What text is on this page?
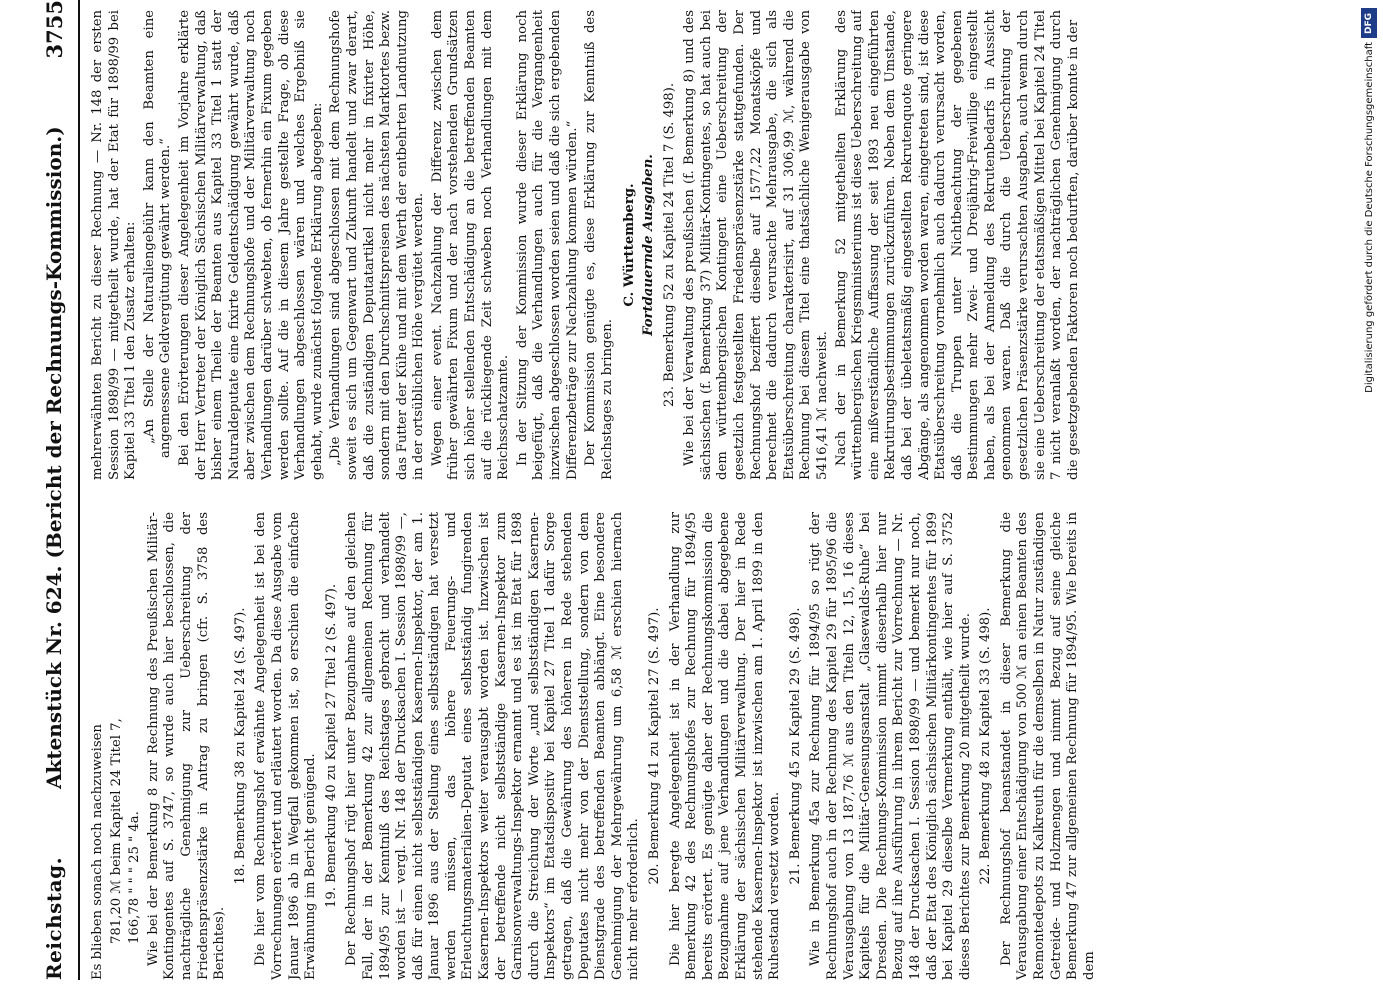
Reichstag.
Aktenstück Nr. 624. (Bericht der Rechnungs-Kommission.)
3755

Es blieben sonach noch nachzuweisen 781,20 ℳ beim Kapitel 24 Titel 7, 166,78 " " " 25 " 4a. Wie bei der Bemerkung 8 zur Rechnung des Preußischen Militär-Kontingentes auf S. 3747, so wurde auch hier beschlossen, die nachträgliche Genehmigung zur Ueberschreitung der Friedenspräsenzstärke in Antrag zu bringen (cfr. S. 3758 des Berichtes).

18. Bemerkung 38 zu Kapitel 24 (S. 497). Die hier vom Rechnungshof erwähnte Angelegenheit ist bei den Vorrechnungen erörtert und erläutert worden. Da diese Ausgabe vom Januar 1896 ab in Wegfall gekommen ist, so erschien die einfache Erwähnung im Bericht genügend. 19. Bemerkung 40 zu Kapitel 27 Titel 2 (S. 497). Der Rechnungshof rügt hier unter Bezugnahme auf den gleichen Fall, der in der Bemerkung 42 zur allgemeinen Rechnung für 1894/95 zur Kenntniß des Reichstages gebracht und verhandelt worden ist — vergl. Nr. 148 der Drucksachen I. Session 1898/99 —, daß für einen nicht selbstständigen Kasernen-Inspektor, der am 1. Januar 1896 aus der Stellung eines selbstständigen hat versetzt werden müssen, das höhere Feuerungs- und Erleuchtungsmaterialien-Deputat eines selbstständig fungirenden Kasernen-Inspektors weiter verausgabt worden ist. Inzwischen ist der betreffende nicht selbstständige Kasernen-Inspektor zum Garnisonverwaltungs-Inspektor ernannt und es ist im Etat für 1898 durch die Streichung der Worte „und selbstständigen Kasernen-Inspektors“ im Etatsdispositiv bei Kapitel 27 Titel 1 dafür Sorge getragen, daß die Gewährung des höheren in Rede stehenden Deputates nicht mehr von der Dienststellung, sondern von dem Dienstgrade des betreffenden Beamten abhängt. Eine besondere Genehmigung der Mehrgewährung um 6,58 ℳ erschien hiernach nicht mehr erforderlich.

20. Bemerkung 41 zu Kapitel 27 (S. 497). Die hier beregte Angelegenheit ist in der Verhandlung zur Bemerkung 42 des Rechnungshofes zur Rechnung für 1894/95 bereits erörtert. Es genügte daher der Rechnungskommission die Bezugnahme auf jene Verhandlungen und die dabei abgegebene Erklärung der sächsischen Militärverwaltung. Der hier in Rede stehende Kasernen-Inspektor ist inzwischen am 1. April 1899 in den Ruhestand versetzt worden.

21. Bemerkung 45 zu Kapitel 29 (S. 498). Wie in Bemerkung 45a zur Rechnung für 1894/95 so rügt der Rechnungshof auch in der Rechnung des Kapitel 29 für 1895/96 die Verausgabung von 13 187,76 ℳ aus den Titeln 12, 15, 16 dieses Kapitels für die Militär-Genesungsanstalt „Glasewalds-Ruhe“ bei Dresden. Die Rechnungs-Kommission nimmt dieserhalb hier nur Bezug auf ihre Ausführung in ihrem Bericht zur Vorrechnung — Nr. 148 der Drucksachen I. Session 1898/99 — und bemerkt nur noch, daß der Etat des Königlich sächsischen Militärkontingentes für 1899 bei Kapitel 29 dieselbe Vermerkung enthält, wie hier auf S. 3752 dieses Berichtes zur Bemerkung 20 mitgetheilt wurde. 22. Bemerkung 48 zu Kapitel 33 (S. 498). Der Rechnungshof beanstandet in dieser Bemerkung die Verausgabung einer Entschädigung von 500 ℳ an einen Beamten des Remontedepots zu Kalkreuth für die demselben in Natur zuständigen Getreide- und Holzmengen und nimmt Bezug auf seine gleiche Bemerkung 47 zur allgemeinen Rechnung für 1894/95. Wie bereits in dem

mehrerwähnten Bericht zu dieser Rechnung — Nr. 148 der ersten Session 1898/99 — mitgetheilt wurde, hat der Etat für 1898/99 bei Kapitel 33 Titel 1 den Zusatz erhalten: „An Stelle der Naturaliengebühr kann den Beamten eine angemessene Geldvergütung gewährt werden.“ Bei den Erörterungen dieser Angelegenheit im Vorjahre erklärte der Herr Vertreter der Königlich Sächsischen Militärverwaltung, daß bisher einem Theile der Beamten aus Kapitel 33 Titel 1 statt der Naturaldeputate eine fixirte Geldentschädigung gewährt wurde, daß aber zwischen dem Rechnungshofe und der Militärverwaltung noch Verhandlungen darüber schwebten, ob fernerhin ein Fixum gegeben werden sollte. Auf die in diesem Jahre gestellte Frage, ob diese Verhandlungen abgeschlossen wären und welches Ergebniß sie gehabt, wurde zunächst folgende Erklärung abgegeben: „Die Verhandlungen sind abgeschlossen mit dem Rechnungshofe soweit es sich um Gegenwart und Zukunft handelt und zwar derart, daß die zuständigen Deputatartikel nicht mehr in fixirter Höhe, sondern mit den Durchschnittspreisen des nächsten Marktortes bezw. das Futter der Kühe und mit dem Werth der entbehrten Landnutzung in der ortsüblichen Höhe vergütet werden. Wegen einer event. Nachzahlung der Differenz zwischen dem früher gewährten Fixum und der nach vorstehenden Grundsätzen sich höher stellenden Entschädigung an die betreffenden Beamten auf die rückliegende Zeit schweben noch Verhandlungen mit dem Reichsschatzamte. In der Sitzung der Kommission wurde dieser Erklärung noch beigefügt, daß die Verhandlungen auch für die Vergangenheit inzwischen abgeschlossen worden seien und daß die sich ergebenden Differenzbeträge zur Nachzahlung kommen würden.“ Der Kommission genügte es, diese Erklärung zur Kenntniß des Reichstages zu bringen.

C. Württemberg. Fortdauernde Ausgaben. 23. Bemerkung 52 zu Kapitel 24 Titel 7 (S. 498). Wie bei der Verwaltung des preußischen (f. Bemerkung 8) und des sächsischen (f. Bemerkung 37) Militär-Kontingentes, so hat auch bei dem württembergischen Kontingent eine Ueberschreitung der gesetzlich festgestellten Friedenspräsenzstärke stattgefunden. Der Rechnungshof beziffert dieselbe auf 1577,22 Monatsköpfe und berechnet die dadurch verursachte Mehrausgabe, die sich als Etatsüberschreitung charakterisirt, auf 31 306,99 ℳ, während die Rechnung bei diesem Titel eine thatsächliche Wenigerausgabe von 5416,41 ℳ nachweist. Nach der in Bemerkung 52 mitgetheilten Erklärung des württembergischen Kriegsministeriums ist diese Ueberschreitung auf eine mißverständliche Auffassung der seit 1893 neu eingeführten Rekrutirungsbestimmungen zurückzuführen. Neben dem Umstande, daß bei der übeletatsmäßig eingestellten Rekrutenquote geringere Abgänge, als angenommen worden waren, eingetreten sind, ist diese Etatsüberschreitung vornehmlich auch dadurch verursacht worden, daß die Truppen unter Nichtbeachtung der gegebenen Bestimmungen mehr Zwei- und Dreijährig-Freiwillige eingestellt haben, als bei der Anmeldung des Rekrutenbedarfs in Aussicht genommen waren. Daß die durch die Ueberschreitung der gesetzlichen Präsenzstärke verursachten Ausgaben, auch wenn durch sie eine Ueberschreitung der etatsmäßigen Mittel bei Kapitel 24 Titel 7 nicht veranlaßt worden, der nachträglichen Genehmigung durch die gesetzgebenden Faktoren noch bedurften, darüber konnte in der	DFG
Digitalisierung gefördert durch die Deutsche Forschungsgemeinschaft
